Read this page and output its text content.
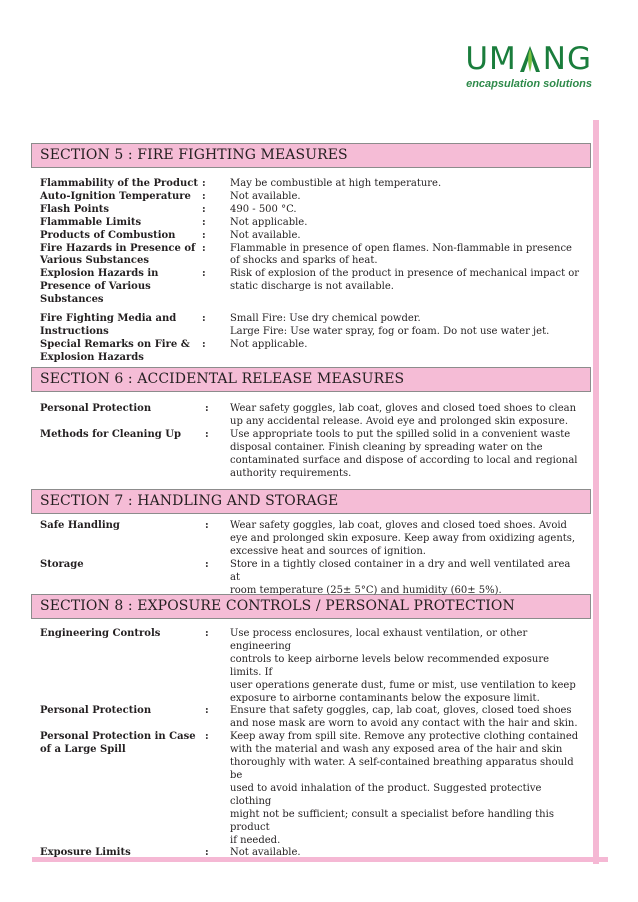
UM NG
encapsulation solutions
SECTION 5 : FIRE FIGHTING MEASURES
SECTION 6 : ACCIDENTAL RELEASE MEASURES
SECTION 7 : HANDLING AND STORAGE
SECTION 8 : EXPOSURE CONTROLS / PERSONAL PROTECTION
Flammability of the Product :	May be combustible at high temperature.
Auto-Ignition Temperature	:	Not available.
Flash Points	:	490 - 500 °C.
Flammable Limits	:	Not applicable.
Products of Combustion	:	Not available.
Fire Hazards in Presence of Various Substances
:	Flammable in presence of open flames. Non-flammable in presence
of shocks and sparks of heat.
Explosion Hazards in Presence of Various Substances
:	Risk of explosion of the product in presence of mechanical impact or
static discharge is not available.
Fire Fighting Media and Instructions
:	Small Fire: Use dry chemical powder.
Large Fire: Use water spray, fog or foam. Do not use water jet.
Special Remarks on Fire & Explosion Hazards
:	Not applicable.
Personal Protection	:	Wear safety goggles, lab coat, gloves and closed toed shoes to clean
up any accidental release. Avoid eye and prolonged skin exposure.
Methods for Cleaning Up	:	Use appropriate tools to put the spilled solid in a convenient waste
disposal container. Finish cleaning by spreading water on the
contaminated surface and dispose of according to local and regional
authority requirements.
Safe Handling	:	Wear safety goggles, lab coat, gloves and closed toed shoes. Avoid
eye and prolonged skin exposure. Keep away from oxidizing agents,
excessive heat and sources of ignition.
Storage	:	Store in a tightly closed container in a dry and well ventilated area at
room temperature (25± 5°C) and humidity (60± 5%).
Engineering Controls	:	Use process enclosures, local exhaust ventilation, or other engineering
controls to keep airborne levels below recommended exposure limits. If
user operations generate dust, fume or mist, use ventilation to keep
exposure to airborne contaminants below the exposure limit.
Personal Protection	:	Ensure that safety goggles, cap, lab coat, gloves, closed toed shoes
and nose mask are worn to avoid any contact with the hair and skin.
Personal Protection in Case of a Large Spill
:	Keep away from spill site. Remove any protective clothing contained
with the material and wash any exposed area of the hair and skin
thoroughly with water. A self-contained breathing apparatus should be
used to avoid inhalation of the product. Suggested protective clothing
might not be sufficient; consult a specialist before handling this product
if needed.
Exposure Limits	:	Not available.
